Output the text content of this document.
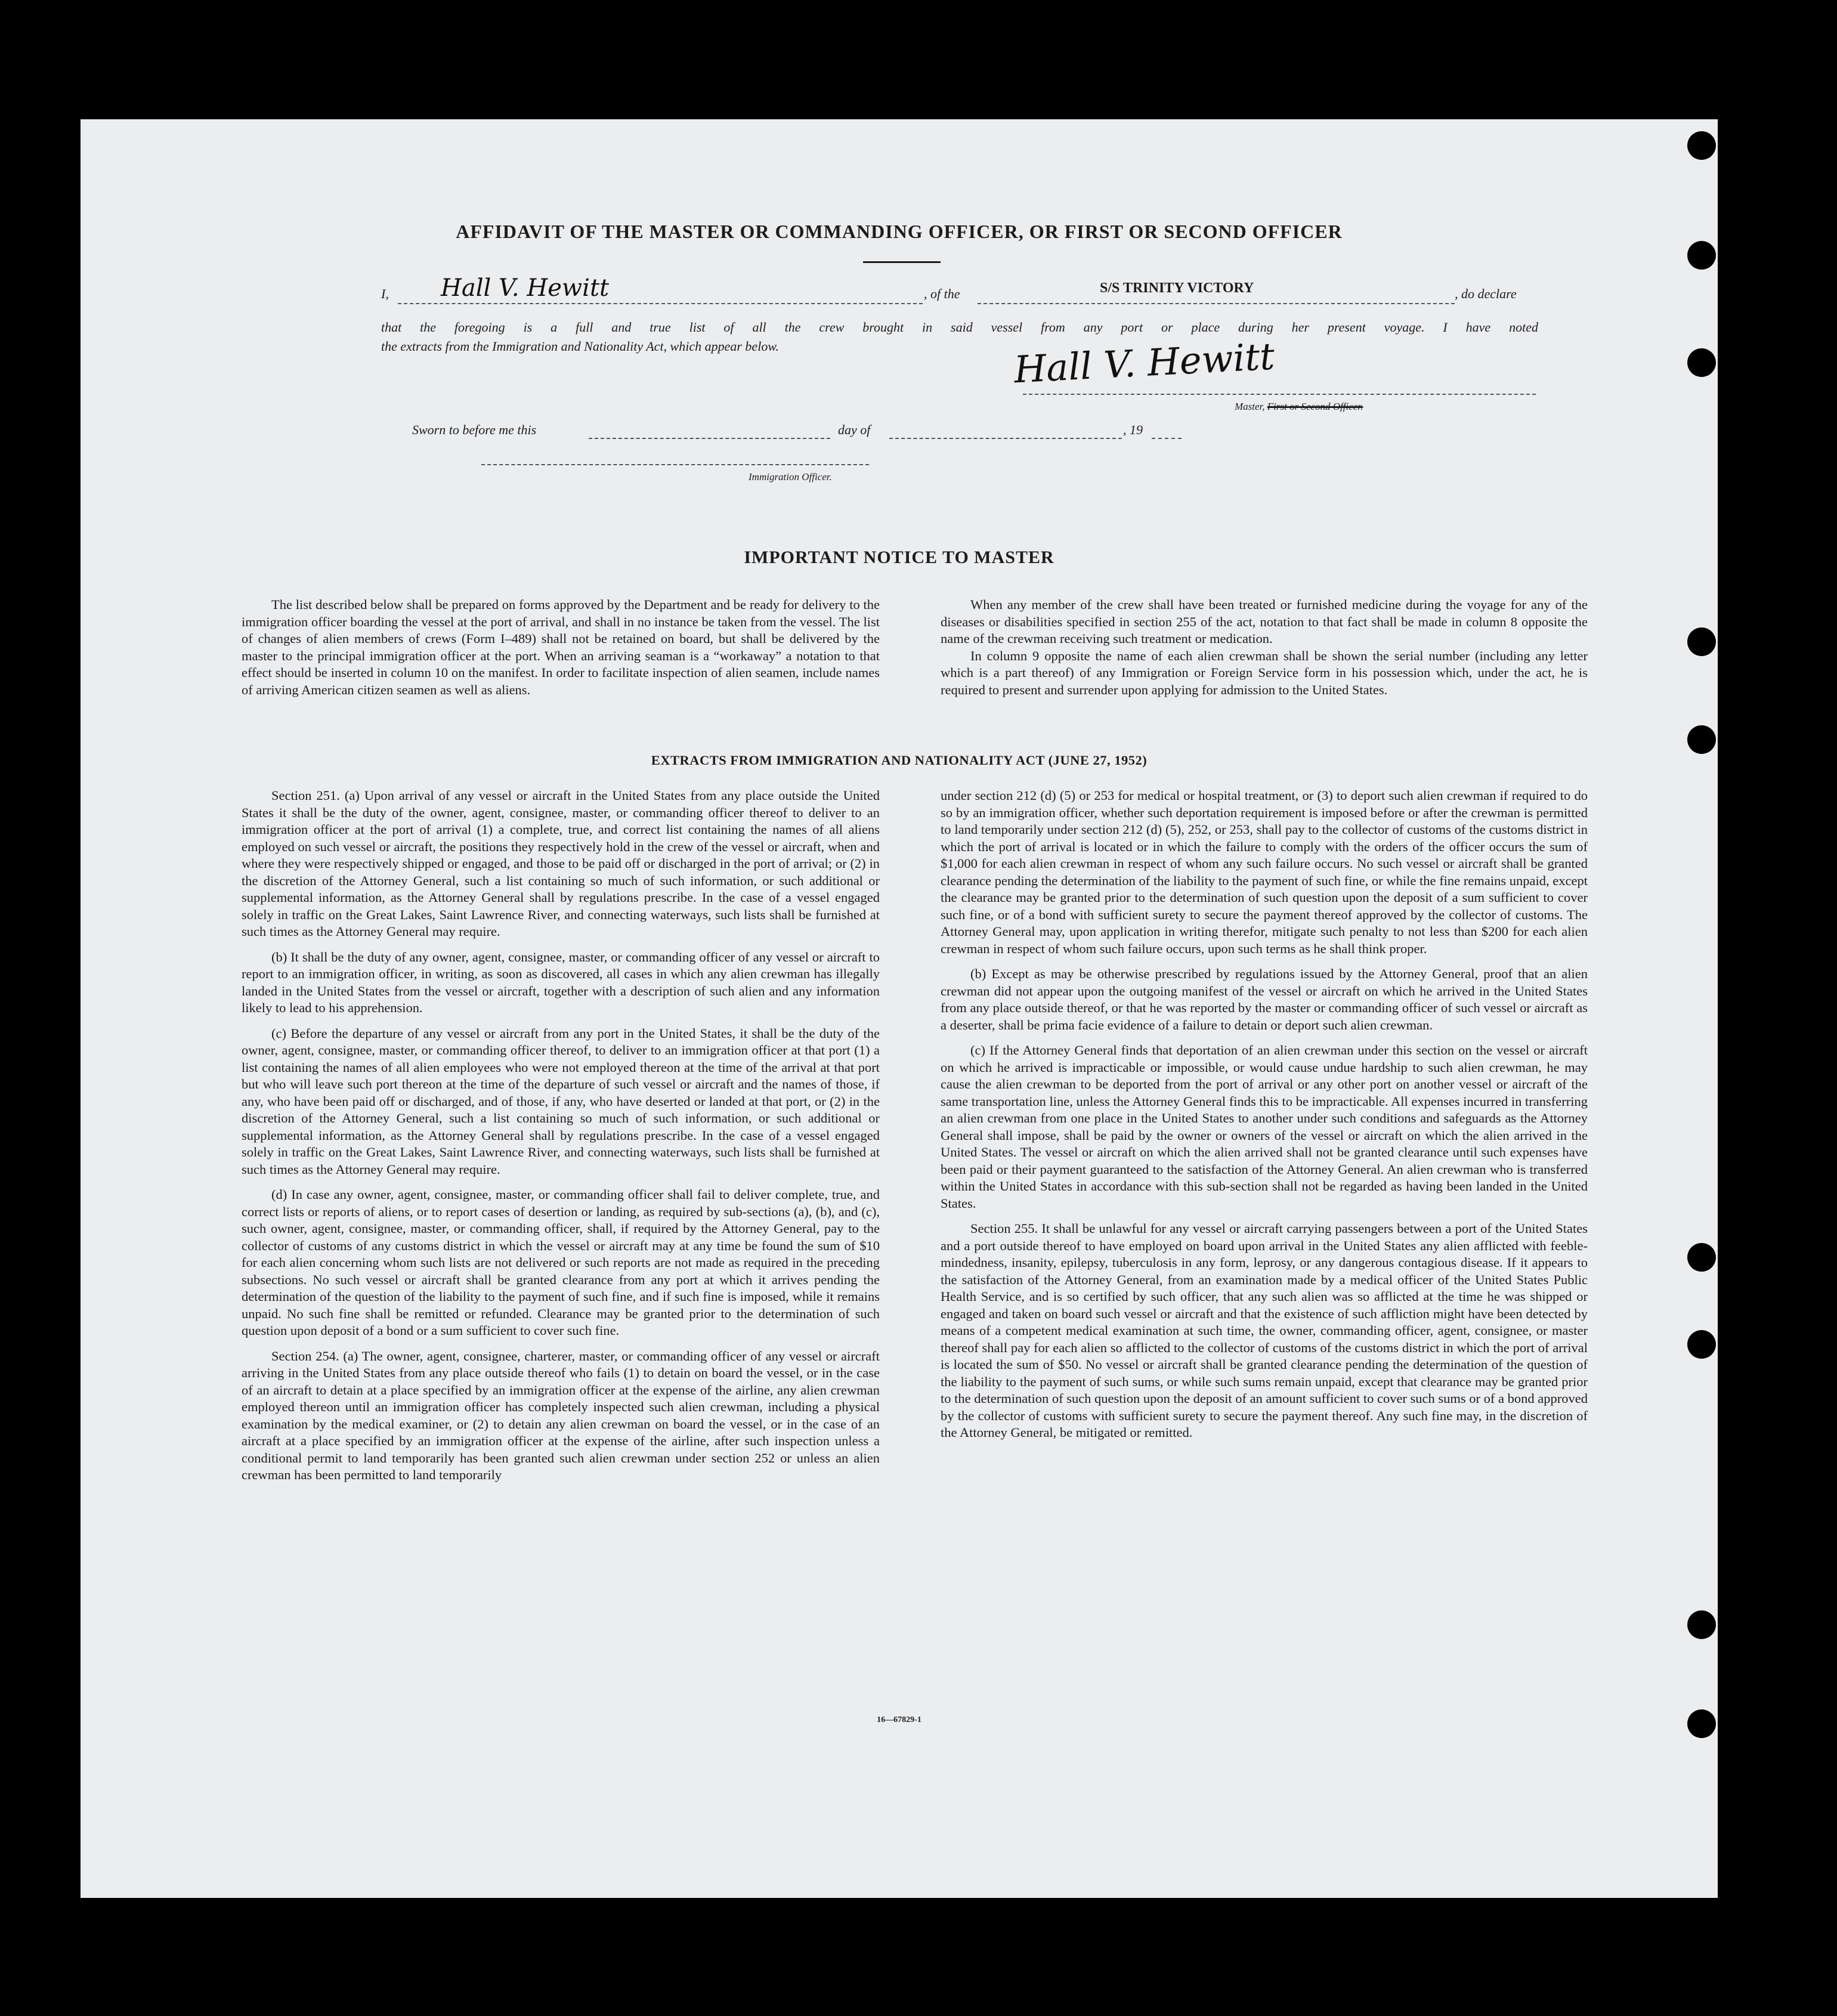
AFFIDAVIT OF THE MASTER OR COMMANDING OFFICER, OR FIRST OR SECOND OFFICER
I, Hall V. Hewitt	, of the	S/S TRINITY VICTORY	, do declare
that the foregoing is a full and true list of all the crew brought in said vessel from any port or place during her present voyage. I have noted
the extracts from the Immigration and Nationality Act, which appear below.	Hall V. Hewitt
Master, First or Second Officer.
Sworn to before me this	day of	, 19
Immigration Officer.
IMPORTANT NOTICE TO MASTER

The list described below shall be prepared on forms approved by the Department and be ready for delivery to the immigration officer boarding the vessel at the port of arrival, and shall in no instance be taken from the vessel. The list of changes of alien members of crews (Form I–489) shall not be retained on board, but shall be delivered by the master to the principal immigration officer at the port. When an arriving seaman is a “workaway” a notation to that effect should be inserted in column 10 on the manifest. In order to facilitate inspection of alien seamen, include names of arriving American citizen seamen as well as aliens.

When any member of the crew shall have been treated or furnished medicine during the voyage for any of the diseases or disabilities specified in section 255 of the act, notation to that fact shall be made in column 8 opposite the name of the crewman receiving such treatment or medication.

In column 9 opposite the name of each alien crewman shall be shown the serial number (including any letter which is a part thereof) of any Immigration or Foreign Service form in his possession which, under the act, he is required to present and surrender upon applying for admission to the United States.

EXTRACTS FROM IMMIGRATION AND NATIONALITY ACT (JUNE 27, 1952)

Section 251. (a) Upon arrival of any vessel or aircraft in the United States from any place outside the United States it shall be the duty of the owner, agent, consignee, master, or commanding officer thereof to deliver to an immigration officer at the port of arrival (1) a complete, true, and correct list containing the names of all aliens employed on such vessel or aircraft, the positions they respectively hold in the crew of the vessel or aircraft, when and where they were respectively shipped or engaged, and those to be paid off or discharged in the port of arrival; or (2) in the discretion of the Attorney General, such a list containing so much of such information, or such additional or supplemental information, as the Attorney General shall by regulations prescribe. In the case of a vessel engaged solely in traffic on the Great Lakes, Saint Lawrence River, and connecting waterways, such lists shall be furnished at such times as the Attorney General may require.

(b) It shall be the duty of any owner, agent, consignee, master, or commanding officer of any vessel or aircraft to report to an immigration officer, in writing, as soon as discovered, all cases in which any alien crewman has illegally landed in the United States from the vessel or aircraft, together with a description of such alien and any information likely to lead to his apprehension.

(c) Before the departure of any vessel or aircraft from any port in the United States, it shall be the duty of the owner, agent, consignee, master, or commanding officer thereof, to deliver to an immigration officer at that port (1) a list containing the names of all alien employees who were not employed thereon at the time of the arrival at that port but who will leave such port thereon at the time of the departure of such vessel or aircraft and the names of those, if any, who have been paid off or discharged, and of those, if any, who have deserted or landed at that port, or (2) in the discretion of the Attorney General, such a list containing so much of such information, or such additional or supplemental information, as the Attorney General shall by regulations prescribe. In the case of a vessel engaged solely in traffic on the Great Lakes, Saint Lawrence River, and connecting waterways, such lists shall be furnished at such times as the Attorney General may require.

(d) In case any owner, agent, consignee, master, or commanding officer shall fail to deliver complete, true, and correct lists or reports of aliens, or to report cases of desertion or landing, as required by sub-sections (a), (b), and (c), such owner, agent, consignee, master, or commanding officer, shall, if required by the Attorney General, pay to the collector of customs of any customs district in which the vessel or aircraft may at any time be found the sum of $10 for each alien concerning whom such lists are not delivered or such reports are not made as required in the preceding subsections. No such vessel or aircraft shall be granted clearance from any port at which it arrives pending the determination of the question of the liability to the payment of such fine, and if such fine is imposed, while it remains unpaid. No such fine shall be remitted or refunded. Clearance may be granted prior to the determination of such question upon deposit of a bond or a sum sufficient to cover such fine.

Section 254. (a) The owner, agent, consignee, charterer, master, or commanding officer of any vessel or aircraft arriving in the United States from any place outside thereof who fails (1) to detain on board the vessel, or in the case of an aircraft to detain at a place specified by an immigration officer at the expense of the airline, any alien crewman employed thereon until an immigration officer has completely inspected such alien crewman, including a physical examination by the medical examiner, or (2) to detain any alien crewman on board the vessel, or in the case of an aircraft at a place specified by an immigration officer at the expense of the airline, after such inspection unless a conditional permit to land temporarily has been granted such alien crewman under section 252 or unless an alien crewman has been permitted to land temporarily

under section 212 (d) (5) or 253 for medical or hospital treatment, or (3) to deport such alien crewman if required to do so by an immigration officer, whether such deportation requirement is imposed before or after the crewman is permitted to land temporarily under section 212 (d) (5), 252, or 253, shall pay to the collector of customs of the customs district in which the port of arrival is located or in which the failure to comply with the orders of the officer occurs the sum of $1,000 for each alien crewman in respect of whom any such failure occurs. No such vessel or aircraft shall be granted clearance pending the determination of the liability to the payment of such fine, or while the fine remains unpaid, except the clearance may be granted prior to the determination of such question upon the deposit of a sum sufficient to cover such fine, or of a bond with sufficient surety to secure the payment thereof approved by the collector of customs. The Attorney General may, upon application in writing therefor, mitigate such penalty to not less than $200 for each alien crewman in respect of whom such failure occurs, upon such terms as he shall think proper.

(b) Except as may be otherwise prescribed by regulations issued by the Attorney General, proof that an alien crewman did not appear upon the outgoing manifest of the vessel or aircraft on which he arrived in the United States from any place outside thereof, or that he was reported by the master or commanding officer of such vessel or aircraft as a deserter, shall be prima facie evidence of a failure to detain or deport such alien crewman.

(c) If the Attorney General finds that deportation of an alien crewman under this section on the vessel or aircraft on which he arrived is impracticable or impossible, or would cause undue hardship to such alien crewman, he may cause the alien crewman to be deported from the port of arrival or any other port on another vessel or aircraft of the same transportation line, unless the Attorney General finds this to be impracticable. All expenses incurred in transferring an alien crewman from one place in the United States to another under such conditions and safeguards as the Attorney General shall impose, shall be paid by the owner or owners of the vessel or aircraft on which the alien arrived in the United States. The vessel or aircraft on which the alien arrived shall not be granted clearance until such expenses have been paid or their payment guaranteed to the satisfaction of the Attorney General. An alien crewman who is transferred within the United States in accordance with this sub-section shall not be regarded as having been landed in the United States.

Section 255. It shall be unlawful for any vessel or aircraft carrying passengers between a port of the United States and a port outside thereof to have employed on board upon arrival in the United States any alien afflicted with feeble-mindedness, insanity, epilepsy, tuberculosis in any form, leprosy, or any dangerous contagious disease. If it appears to the satisfaction of the Attorney General, from an examination made by a medical officer of the United States Public Health Service, and is so certified by such officer, that any such alien was so afflicted at the time he was shipped or engaged and taken on board such vessel or aircraft and that the existence of such affliction might have been detected by means of a competent medical examination at such time, the owner, commanding officer, agent, consignee, or master thereof shall pay for each alien so afflicted to the collector of customs of the customs district in which the port of arrival is located the sum of $50. No vessel or aircraft shall be granted clearance pending the determination of the question of the liability to the payment of such sums, or while such sums remain unpaid, except that clearance may be granted prior to the determination of such question upon the deposit of an amount sufficient to cover such sums or of a bond approved by the collector of customs with sufficient surety to secure the payment thereof. Any such fine may, in the discretion of the Attorney General, be mitigated or remitted.

16—67829-1
